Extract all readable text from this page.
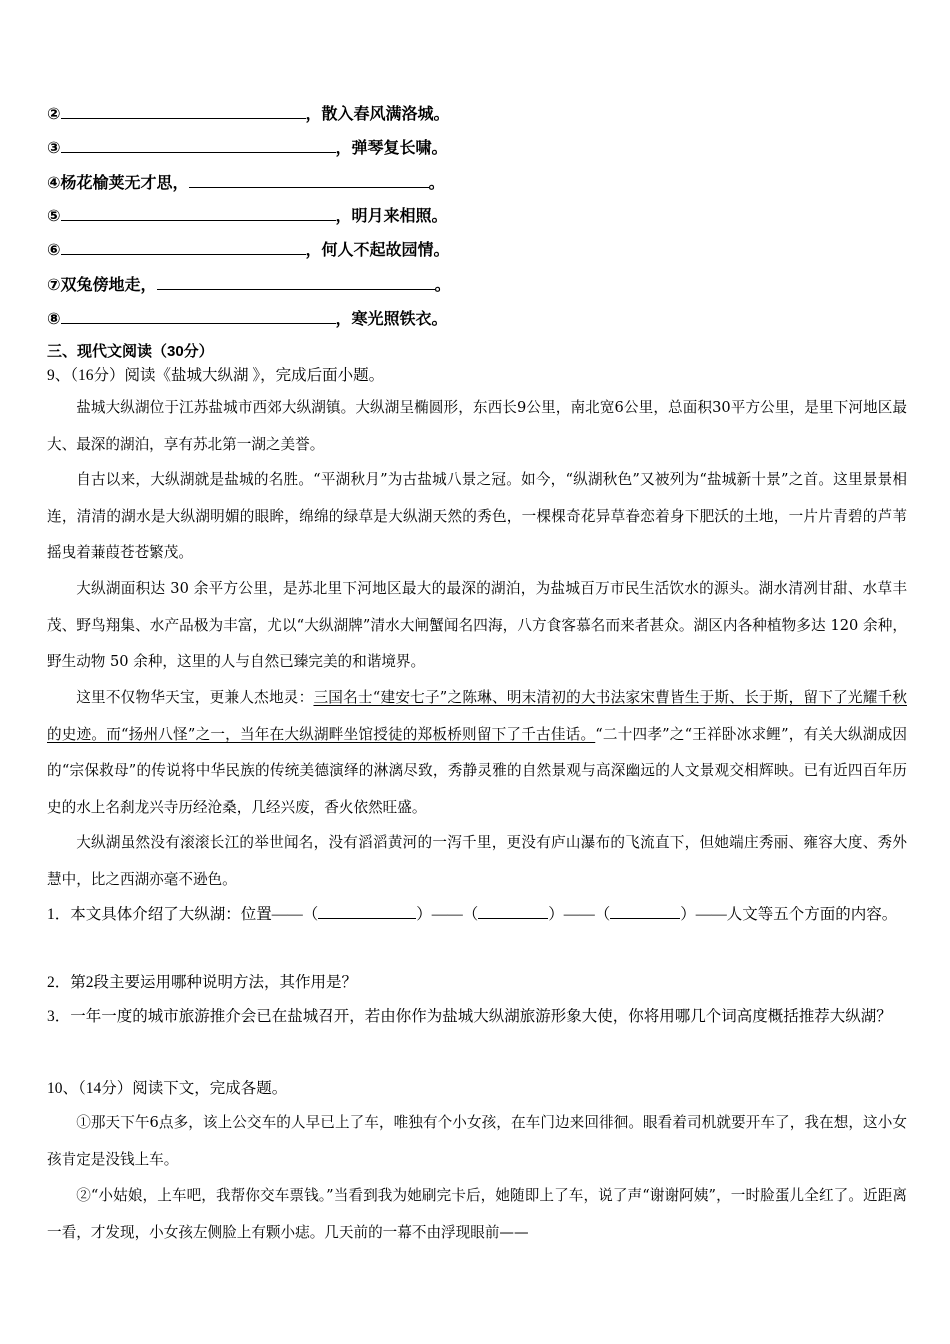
②	，散入春风满洛城。
③	，弹琴复长啸。
④杨花榆荚无才思，	。
⑤	，明月来相照。
⑥	，何人不起故园情。
⑦双兔傍地走，	。
⑧	，寒光照铁衣。
三、现代文阅读（30分）
9、（16分）阅读《盐城大纵湖 》，完成后面小题。

盐城大纵湖位于江苏盐城市西郊大纵湖镇。大纵湖呈椭圆形，东西长9公里，南北宽6公里，总面积30平方公里，是里下河地区最大、最深的湖泊，享有苏北第一湖之美誉。

自古以来，大纵湖就是盐城的名胜。“平湖秋月”为古盐城八景之冠。如今，“纵湖秋色”又被列为“盐城新十景”之首。这里景景相连，清清的湖水是大纵湖明媚的眼眸，绵绵的绿草是大纵湖天然的秀色，一棵棵奇花异草眷恋着身下肥沃的土地，一片片青碧的芦苇摇曳着蒹葭苍苍繁茂。

大纵湖面积达 30 余平方公里，是苏北里下河地区最大的最深的湖泊，为盐城百万市民生活饮水的源头。湖水清冽甘甜、水草丰茂、野鸟翔集、水产品极为丰富，尤以“大纵湖牌”清水大闸蟹闻名四海，八方食客慕名而来者甚众。湖区内各种植物多达 120 余种，野生动物 50 余种，这里的人与自然已臻完美的和谐境界。

这里不仅物华天宝，更兼人杰地灵：三国名士“建安七子”之陈琳、明末清初的大书法家宋曹皆生于斯、长于斯，留下了光耀千秋的史迹。而“扬州八怪”之一，当年在大纵湖畔坐馆授徒的郑板桥则留下了千古佳话。“二十四孝”之“王祥卧冰求鲤”，有关大纵湖成因的“宗保救母”的传说将中华民族的传统美德演绎的淋漓尽致，秀静灵雅的自然景观与高深幽远的人文景观交相辉映。已有近四百年历史的水上名刹龙兴寺历经沧桑，几经兴废，香火依然旺盛。

大纵湖虽然没有滚滚长江的举世闻名，没有滔滔黄河的一泻千里，更没有庐山瀑布的飞流直下，但她端庄秀丽、雍容大度、秀外慧中，比之西湖亦毫不逊色。

1．本文具体介绍了大纵湖：位置——（	）——（	）——（	）——人文等五个方面的内容。

2．第2段主要运用哪种说明方法，其作用是？

3．一年一度的城市旅游推介会已在盐城召开，若由你作为盐城大纵湖旅游形象大使，你将用哪几个词高度概括推荐大纵湖？

10、（14分）阅读下文，完成各题。

①那天下午6点多，该上公交车的人早已上了车，唯独有个小女孩，在车门边来回徘徊。眼看着司机就要开车了，我在想，这小女孩肯定是没钱上车。

②“小姑娘，上车吧，我帮你交车票钱。”当看到我为她刷完卡后，她随即上了车，说了声“谢谢阿姨”，一时脸蛋儿全红了。近距离一看，才发现，小女孩左侧脸上有颗小痣。几天前的一幕不由浮现眼前——
